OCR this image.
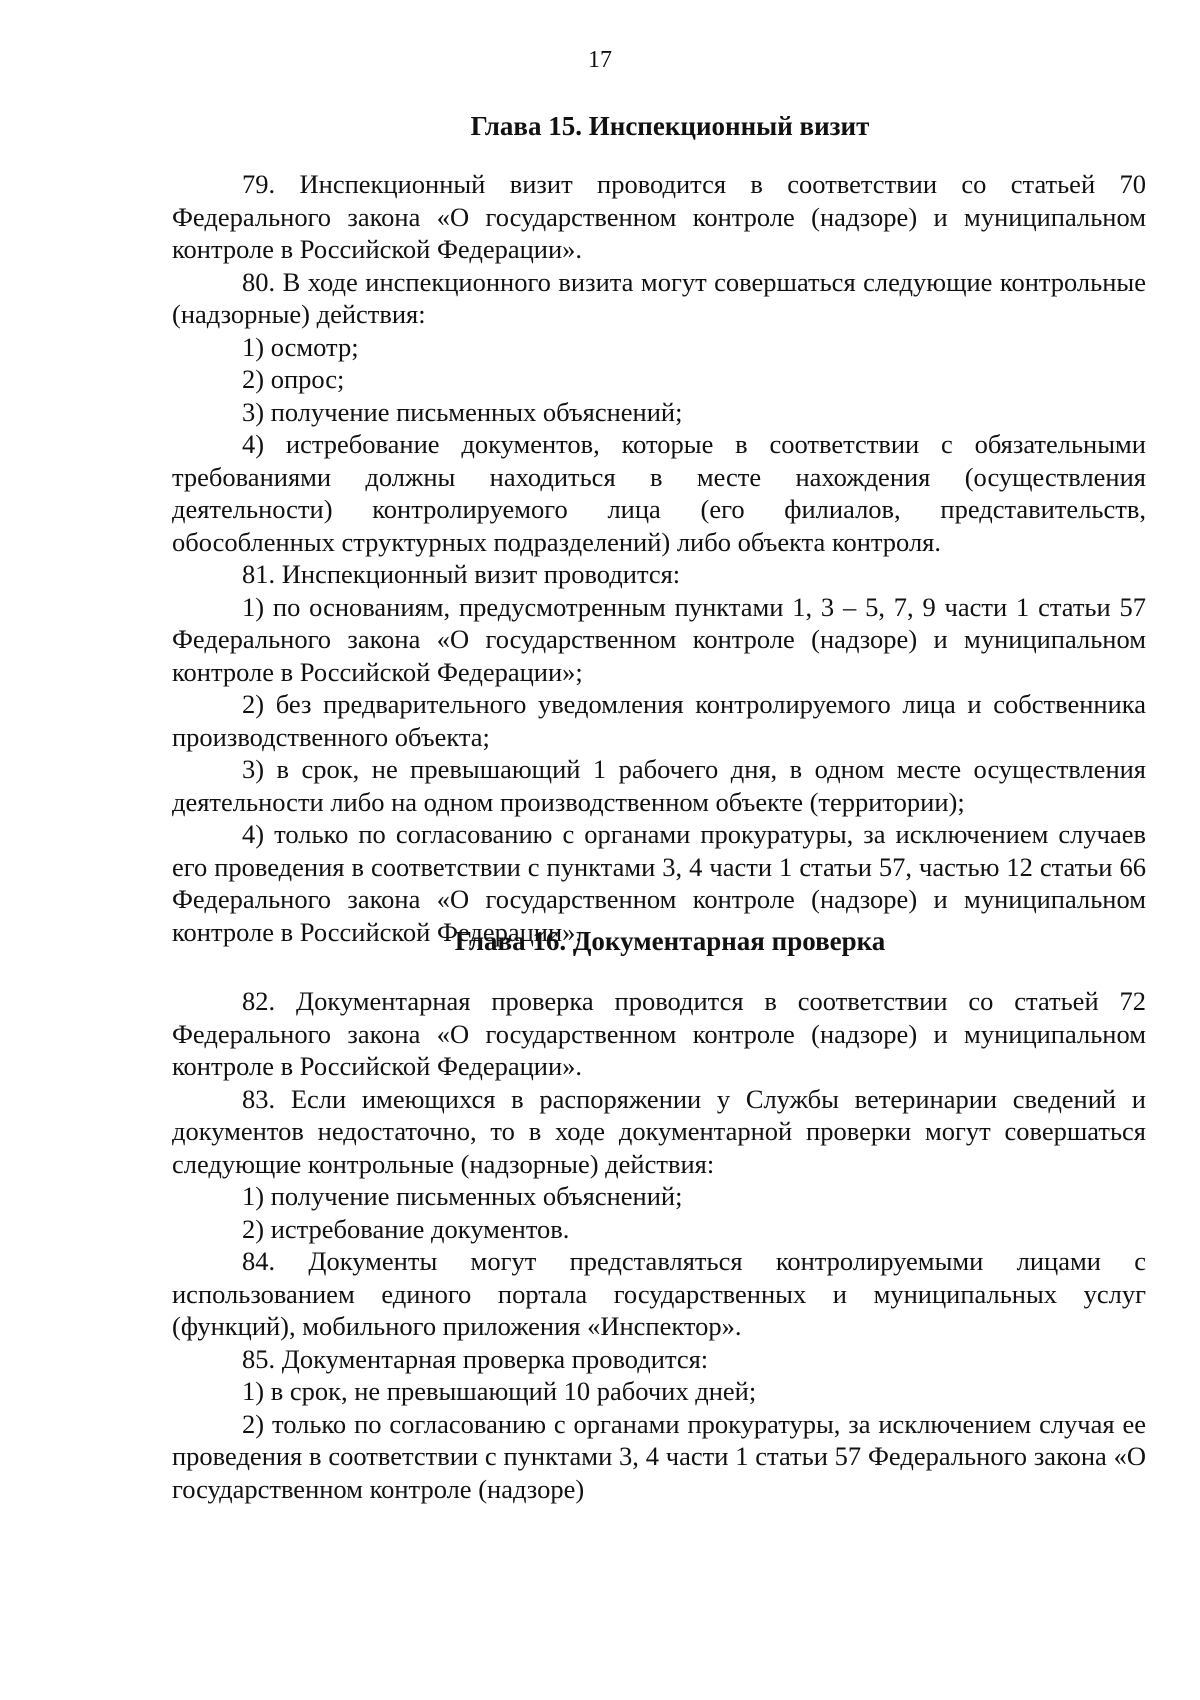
17
Глава 15. Инспекционный визит

79. Инспекционный визит проводится в соответствии со статьей 70 Федерального закона «О государственном контроле (надзоре) и муниципальном контроле в Российской Федерации».

80. В ходе инспекционного визита могут совершаться следующие контрольные (надзорные) действия:

1) осмотр;

2) опрос;

3) получение письменных объяснений;

4) истребование документов, которые в соответствии с обязательными требованиями должны находиться в месте нахождения (осуществления деятельности) контролируемого лица (его филиалов, представительств, обособленных структурных подразделений) либо объекта контроля.

81. Инспекционный визит проводится:

1) по основаниям, предусмотренным пунктами 1, 3 – 5, 7, 9 части 1 статьи 57 Федерального закона «О государственном контроле (надзоре) и муниципальном контроле в Российской Федерации»;

2) без предварительного уведомления контролируемого лица и собственника производственного объекта;

3) в срок, не превышающий 1 рабочего дня, в одном месте осуществления деятельности либо на одном производственном объекте (территории);

4) только по согласованию с органами прокуратуры, за исключением случаев его проведения в соответствии с пунктами 3, 4 части 1 статьи 57, частью 12 статьи 66 Федерального закона «О государственном контроле (надзоре) и муниципальном контроле в Российской Федерации».

Глава 16. Документарная проверка

82. Документарная проверка проводится в соответствии со статьей 72 Федерального закона «О государственном контроле (надзоре) и муниципальном контроле в Российской Федерации».

83. Если имеющихся в распоряжении у Службы ветеринарии сведений и документов недостаточно, то в ходе документарной проверки могут совершаться следующие контрольные (надзорные) действия:

1) получение письменных объяснений;

2) истребование документов.

84. Документы могут представляться контролируемыми лицами с использованием единого портала государственных и муниципальных услуг (функций), мобильного приложения «Инспектор».

85. Документарная проверка проводится:

1) в срок, не превышающий 10 рабочих дней;

2) только по согласованию с органами прокуратуры, за исключением случая ее проведения в соответствии с пунктами 3, 4 части 1 статьи 57 Федерального закона «О государственном контроле (надзоре)
